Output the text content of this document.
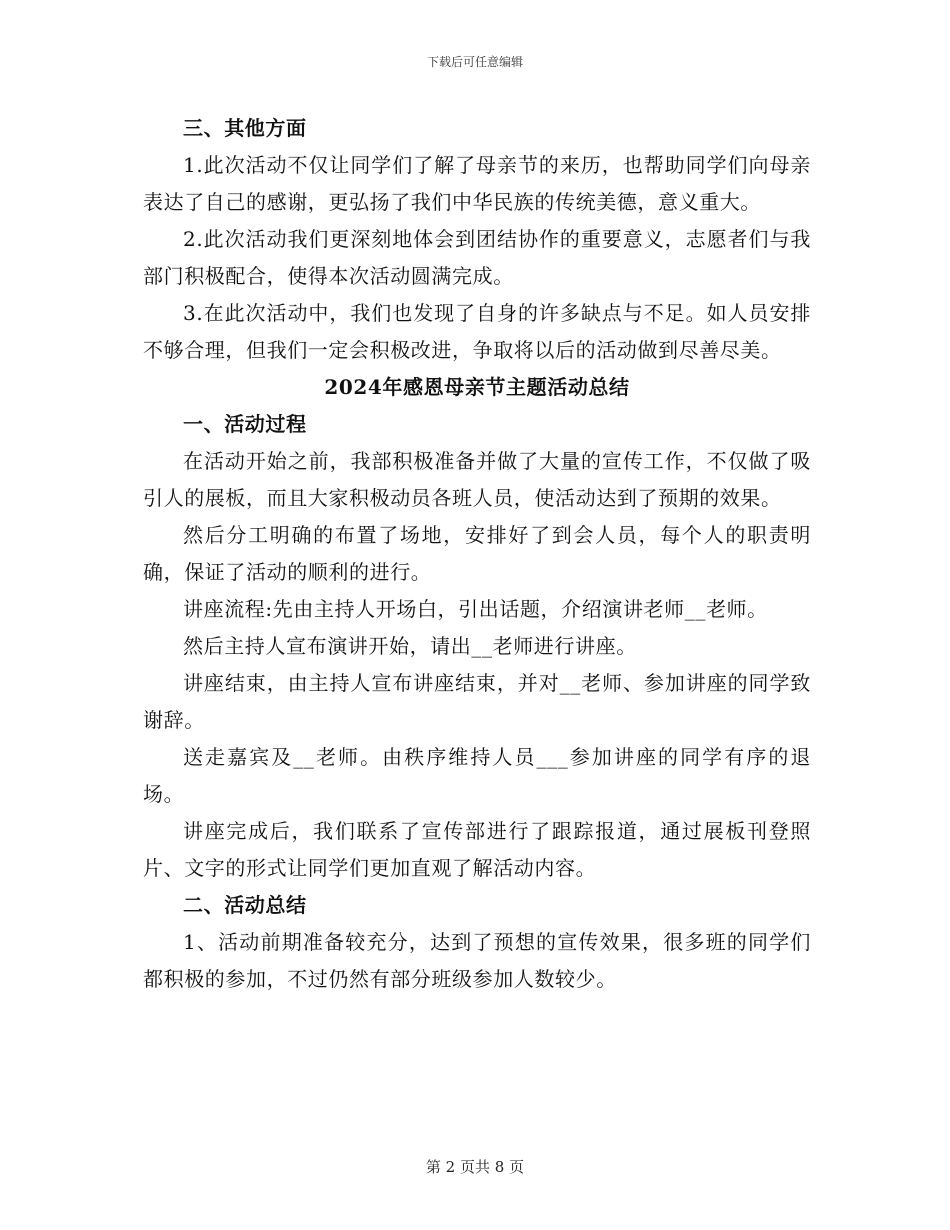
下载后可任意编辑

三、其他方面

1.此次活动不仅让同学们了解了母亲节的来历，也帮助同学们向母亲表达了自己的感谢，更弘扬了我们中华民族的传统美德，意义重大。

2.此次活动我们更深刻地体会到团结协作的重要意义，志愿者们与我部门积极配合，使得本次活动圆满完成。

3.在此次活动中，我们也发现了自身的许多缺点与不足。如人员安排不够合理，但我们一定会积极改进，争取将以后的活动做到尽善尽美。

2024年感恩母亲节主题活动总结

一、活动过程

在活动开始之前，我部积极准备并做了大量的宣传工作，不仅做了吸引人的展板，而且大家积极动员各班人员，使活动达到了预期的效果。

然后分工明确的布置了场地，安排好了到会人员，每个人的职责明确，保证了活动的顺利的进行。

讲座流程:先由主持人开场白，引出话题，介绍演讲老师__老师。

然后主持人宣布演讲开始，请出__老师进行讲座。

讲座结束，由主持人宣布讲座结束，并对__老师、参加讲座的同学致谢辞。

送走嘉宾及__老师。由秩序维持人员___参加讲座的同学有序的退场。

讲座完成后，我们联系了宣传部进行了跟踪报道，通过展板刊登照片、文字的形式让同学们更加直观了解活动内容。

二、活动总结

1、活动前期准备较充分，达到了预想的宣传效果，很多班的同学们都积极的参加，不过仍然有部分班级参加人数较少。

第 2 页共 8 页
